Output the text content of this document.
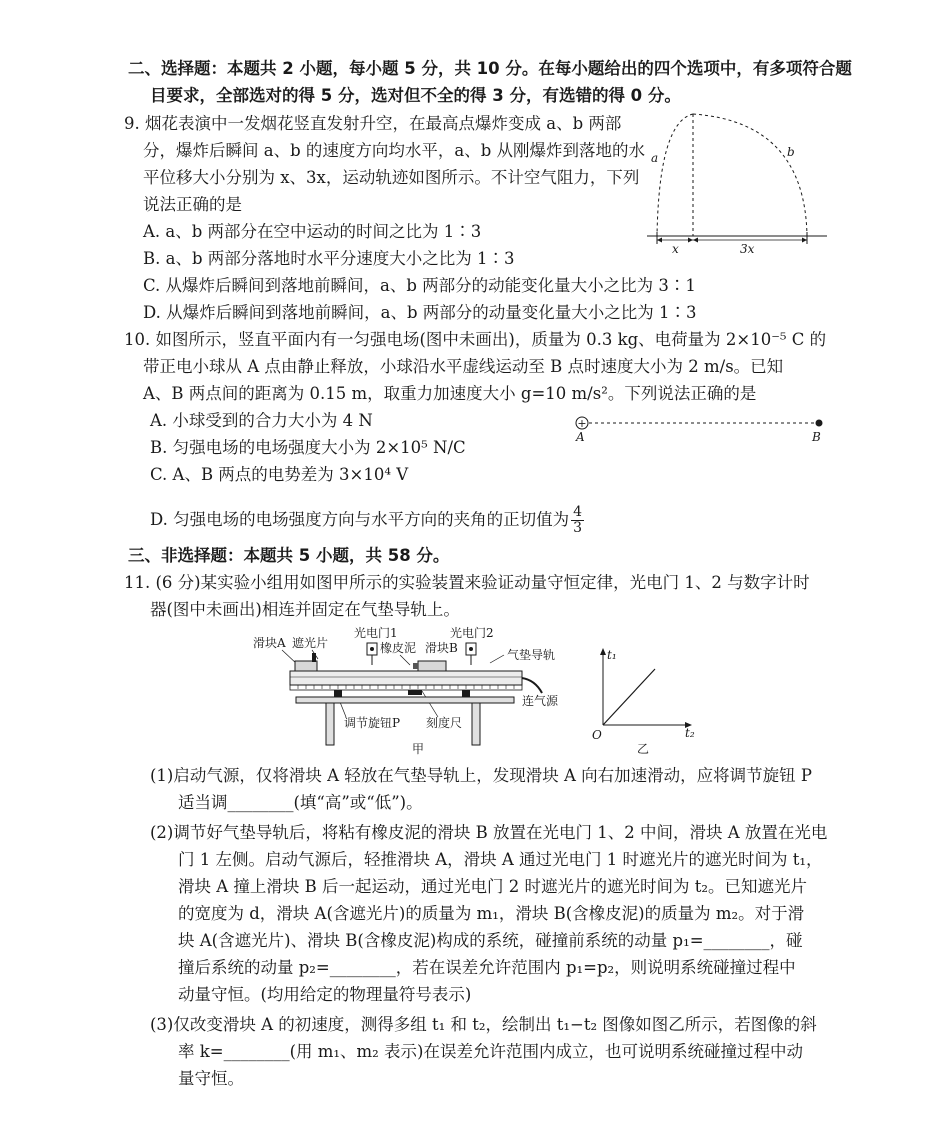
二、选择题：本题共 2 小题，每小题 5 分，共 10 分。在每小题给出的四个选项中，有多项符合题
目要求，全部选对的得 5 分，选对但不全的得 3 分，有选错的得 0 分。
9. 烟花表演中一发烟花竖直发射升空，在最高点爆炸变成 a、b 两部
分，爆炸后瞬间 a、b 的速度方向均水平，a、b 从刚爆炸到落地的水
平位移大小分别为 x、3x，运动轨迹如图所示。不计空气阻力，下列
说法正确的是
A. a、b 两部分在空中运动的时间之比为 1∶3
B. a、b 两部分落地时水平分速度大小之比为 1∶3
C. 从爆炸后瞬间到落地前瞬间，a、b 两部分的动能变化量大小之比为 3∶1
D. 从爆炸后瞬间到落地前瞬间，a、b 两部分的动量变化量大小之比为 1∶3
a	b
x	3x
10. 如图所示，竖直平面内有一匀强电场(图中未画出)，质量为 0.3 kg、电荷量为 2×10⁻⁵ C 的
带正电小球从 A 点由静止释放，小球沿水平虚线运动至 B 点时速度大小为 2 m/s。已知
A、B 两点间的距离为 0.15 m，取重力加速度大小 g=10 m/s²。下列说法正确的是
A. 小球受到的合力大小为 4 N
B. 匀强电场的电场强度大小为 2×10⁵ N/C
C. A、B 两点的电势差为 3×10⁴ V
D. 匀强电场的电场强度方向与水平方向的夹角的正切值为 $\frac{4}{3}$
+
A	B
三、非选择题：本题共 5 小题，共 58 分。
11. (6 分)某实验小组用如图甲所示的实验装置来验证动量守恒定律，光电门 1、2 与数字计时
器(图中未画出)相连并固定在气垫导轨上。
滑块A 遮光片
光电门1
橡皮泥 滑块B
光电门2
气垫导轨
连气源
调节旋钮P 刻度尺
甲
t₁
t₂
O
乙
(1)启动气源，仅将滑块 A 轻放在气垫导轨上，发现滑块 A 向右加速滑动，应将调节旋钮 P
适当调________(填“高”或“低”)。
(2)调节好气垫导轨后，将粘有橡皮泥的滑块 B 放置在光电门 1、2 中间，滑块 A 放置在光电
门 1 左侧。启动气源后，轻推滑块 A，滑块 A 通过光电门 1 时遮光片的遮光时间为 t₁，
滑块 A 撞上滑块 B 后一起运动，通过光电门 2 时遮光片的遮光时间为 t₂。已知遮光片
的宽度为 d，滑块 A(含遮光片)的质量为 m₁，滑块 B(含橡皮泥)的质量为 m₂。对于滑
块 A(含遮光片)、滑块 B(含橡皮泥)构成的系统，碰撞前系统的动量 p₁=________，碰
撞后系统的动量 p₂=________，若在误差允许范围内 p₁=p₂，则说明系统碰撞过程中
动量守恒。(均用给定的物理量符号表示)
(3)仅改变滑块 A 的初速度，测得多组 t₁ 和 t₂，绘制出 t₁−t₂ 图像如图乙所示，若图像的斜
率 k=________(用 m₁、m₂ 表示)在误差允许范围内成立，也可说明系统碰撞过程中动
量守恒。
